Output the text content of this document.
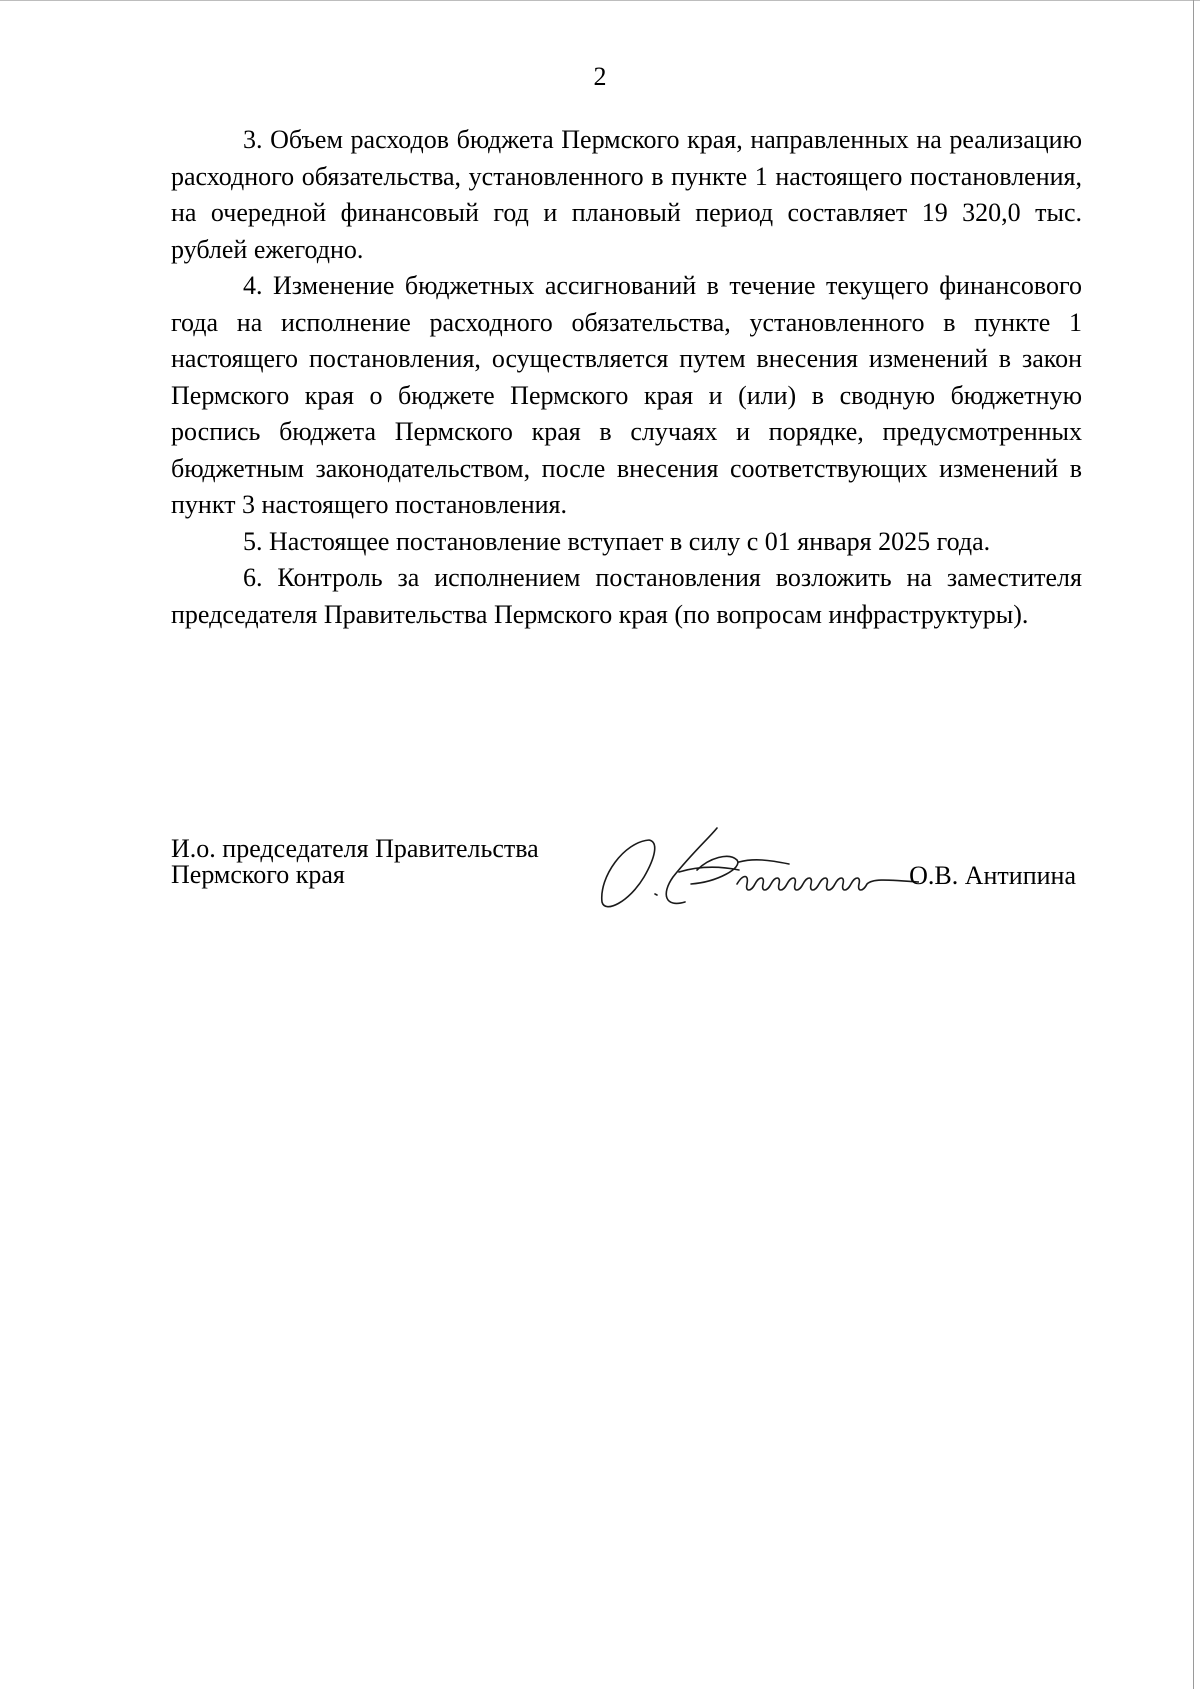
2

3. Объем расходов бюджета Пермского края, направленных на реализацию расходного обязательства, установленного в пункте 1 настоящего постановления, на очередной финансовый год и плановый период составляет 19 320,0 тыс. рублей ежегодно.

4. Изменение бюджетных ассигнований в течение текущего финансового года на исполнение расходного обязательства, установленного в пункте 1 настоящего постановления, осуществляется путем внесения изменений в закон Пермского края о бюджете Пермского края и (или) в сводную бюджетную роспись бюджета Пермского края в случаях и порядке, предусмотренных бюджетным законодательством, после внесения соответствующих изменений в пункт 3 настоящего постановления.

5. Настоящее постановление вступает в силу с 01 января 2025 года.

6. Контроль за исполнением постановления возложить на заместителя председателя Правительства Пермского края (по вопросам инфраструктуры).

И.о. председателя Правительства
Пермского края	О.В. Антипина
